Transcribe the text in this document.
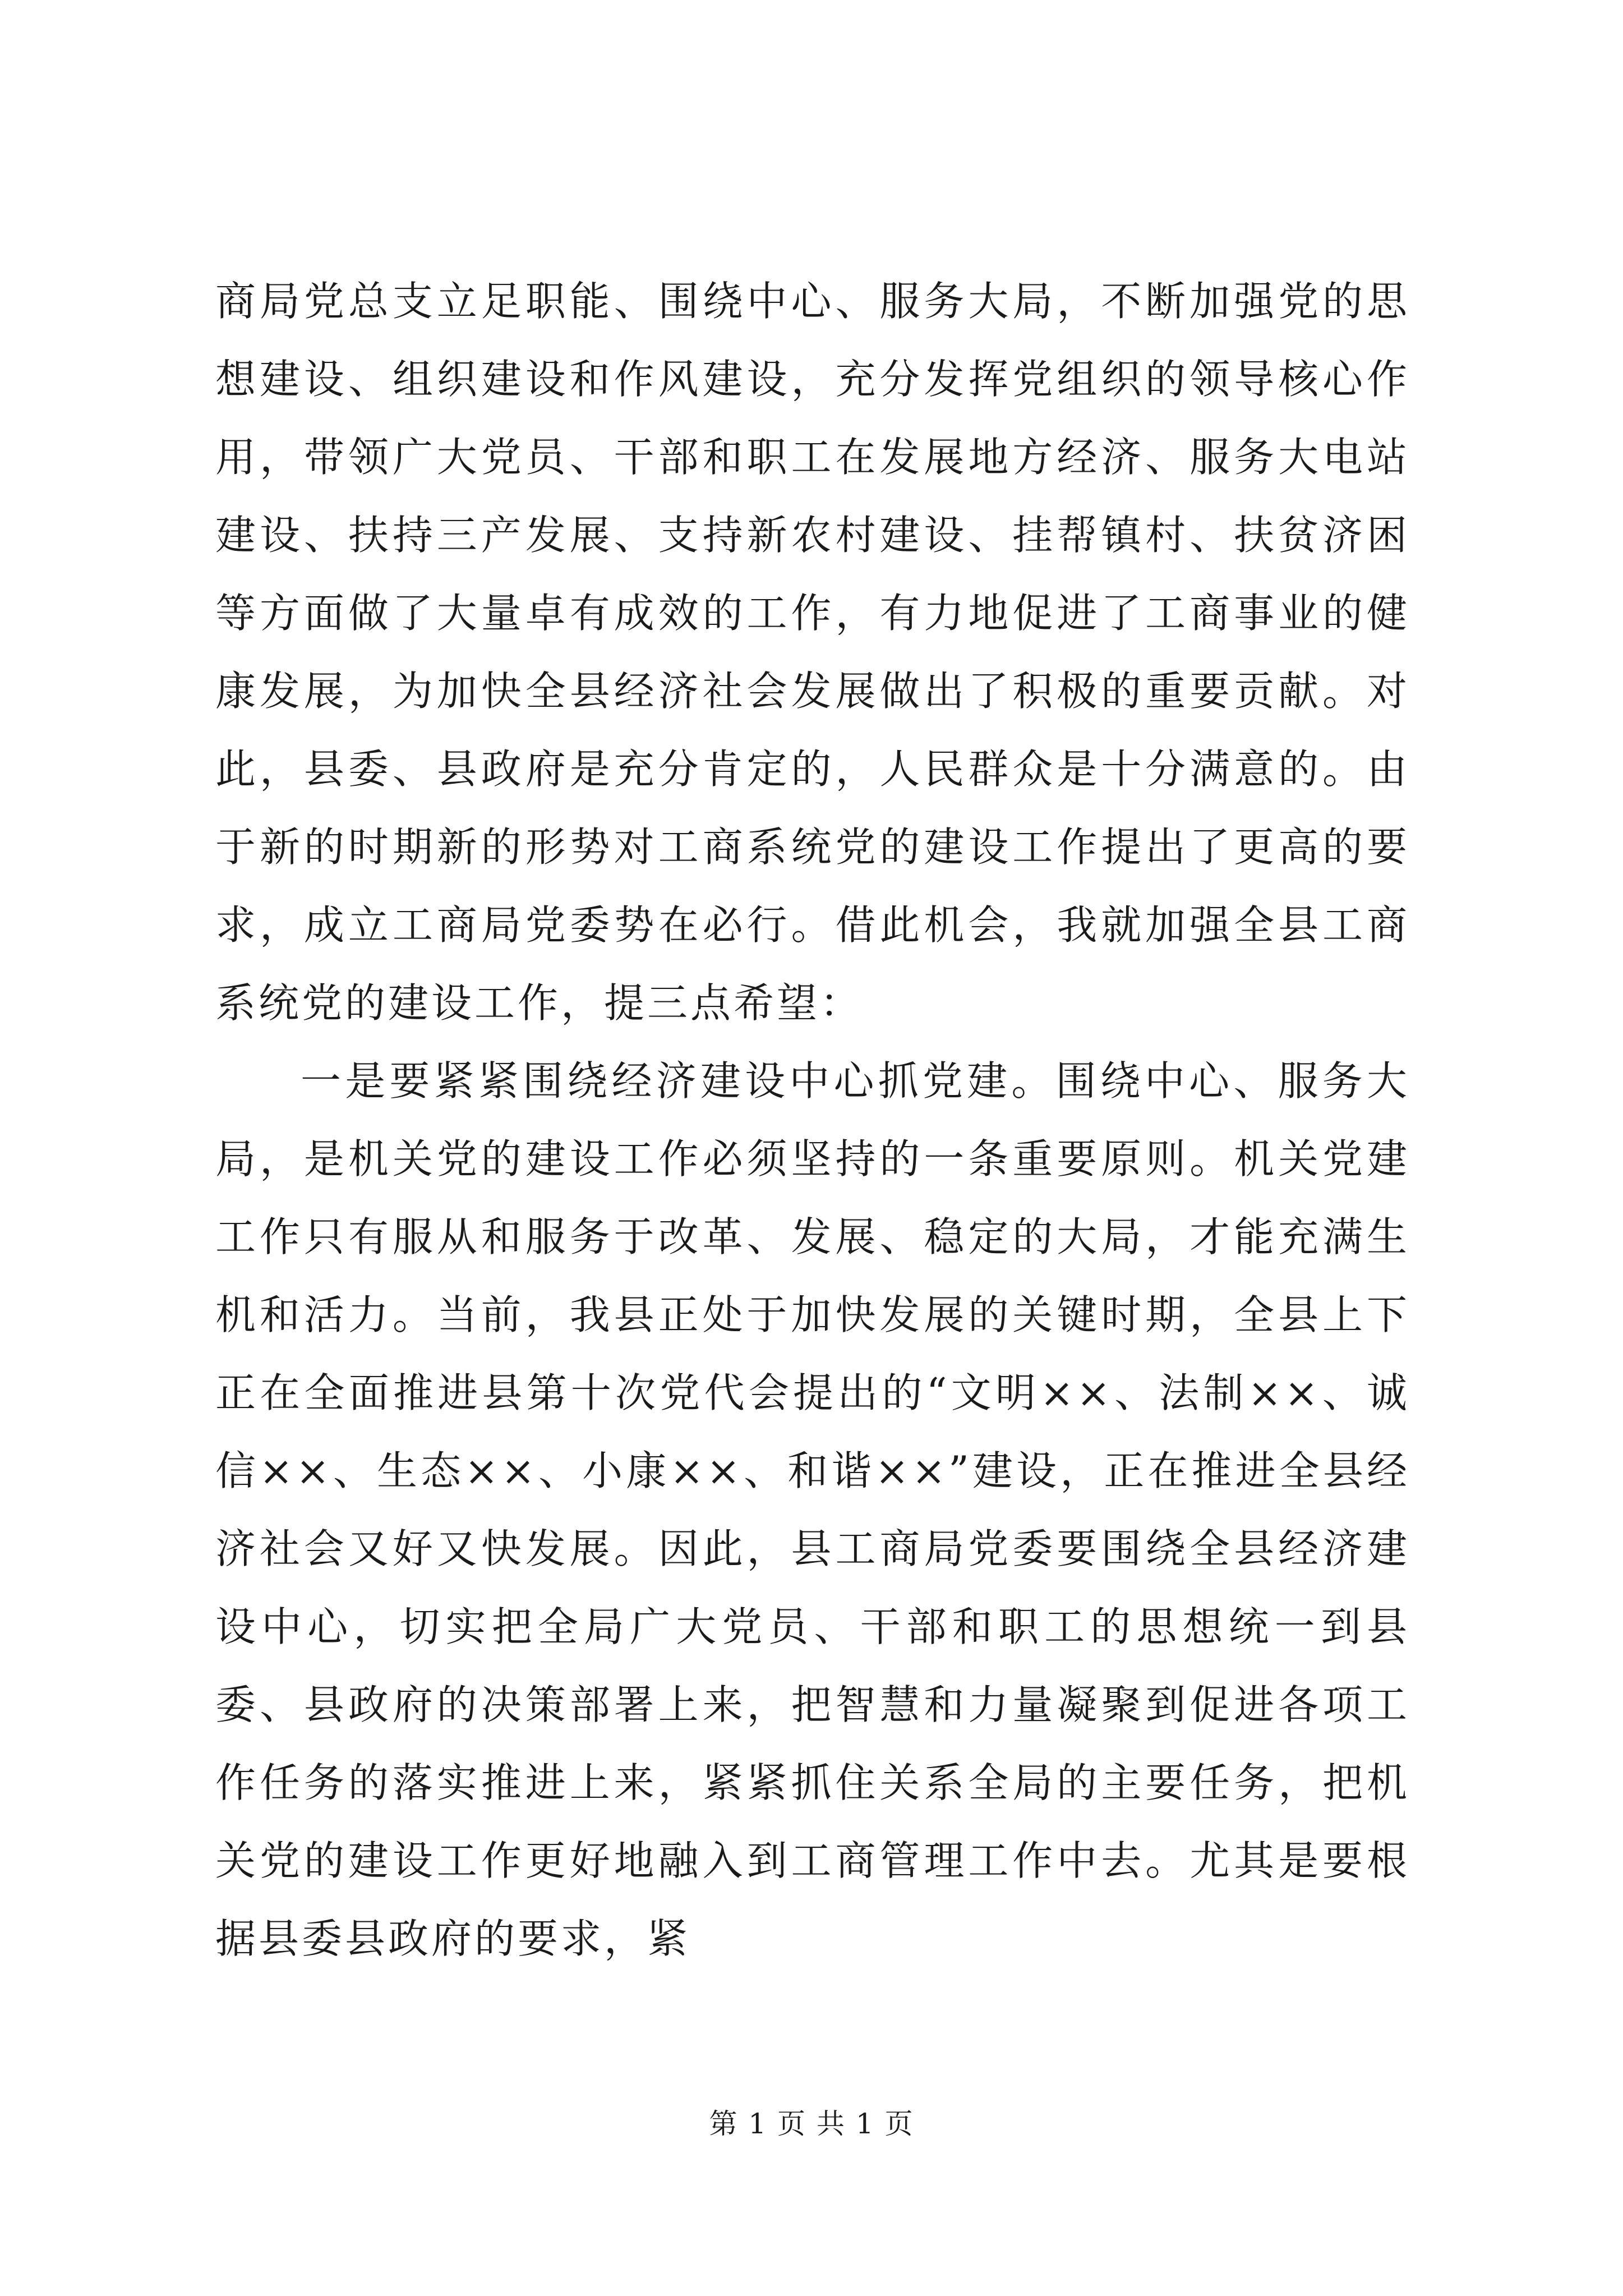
商局党总支立足职能、围绕中心、服务大局，不断加强党的思想建设、组织建设和作风建设，充分发挥党组织的领导核心作用，带领广大党员、干部和职工在发展地方经济、服务大电站建设、扶持三产发展、支持新农村建设、挂帮镇村、扶贫济困等方面做了大量卓有成效的工作，有力地促进了工商事业的健康发展，为加快全县经济社会发展做出了积极的重要贡献。对此，县委、县政府是充分肯定的，人民群众是十分满意的。由于新的时期新的形势对工商系统党的建设工作提出了更高的要求，成立工商局党委势在必行。借此机会，我就加强全县工商系统党的建设工作，提三点希望：

一是要紧紧围绕经济建设中心抓党建。围绕中心、服务大局，是机关党的建设工作必须坚持的一条重要原则。机关党建工作只有服从和服务于改革、发展、稳定的大局，才能充满生机和活力。当前，我县正处于加快发展的关键时期，全县上下正在全面推进县第十次党代会提出的“文明××、法制××、诚信××、生态××、小康××、和谐××”建设，正在推进全县经济社会又好又快发展。因此，县工商局党委要围绕全县经济建设中心，切实把全局广大党员、干部和职工的思想统一到县委、县政府的决策部署上来，把智慧和力量凝聚到促进各项工作任务的落实推进上来，紧紧抓住关系全局的主要任务，把机关党的建设工作更好地融入到工商管理工作中去。尤其是要根据县委县政府的要求，紧

第 1 页 共 1 页
